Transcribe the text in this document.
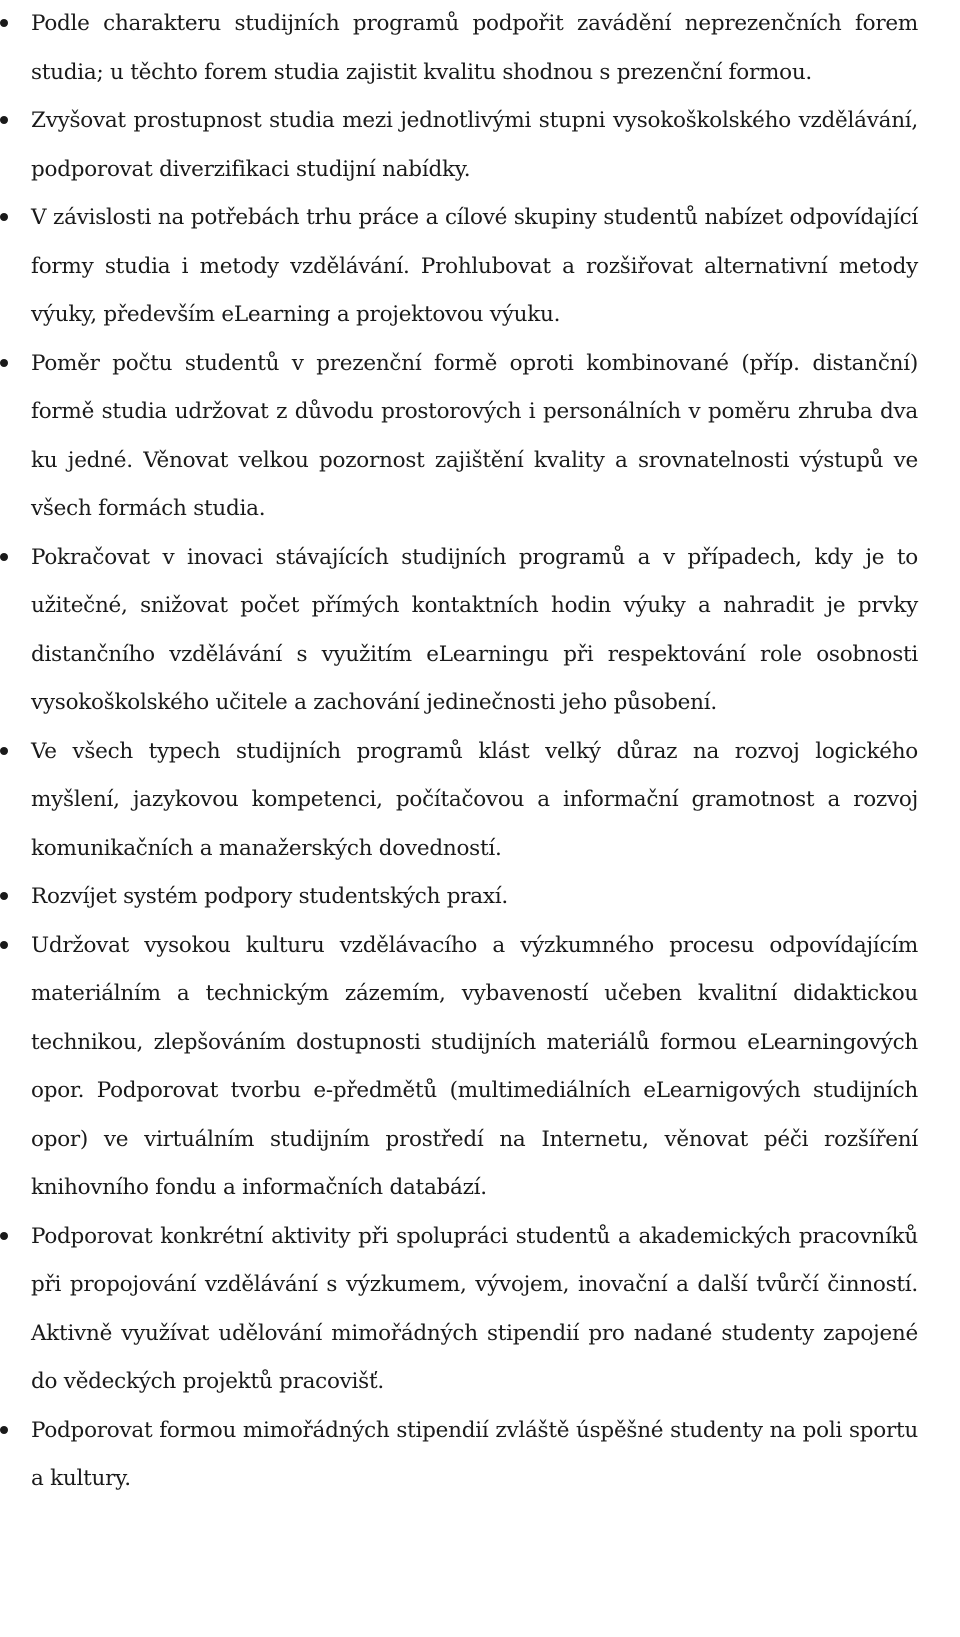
Podle charakteru studijních programů podpořit zavádění neprezenčních forem studia; u těchto forem studia zajistit kvalitu shodnou s prezenční formou.
Zvyšovat prostupnost studia mezi jednotlivými stupni vysokoškolského vzdělávání, podporovat diverzifikaci studijní nabídky.
V závislosti na potřebách trhu práce a cílové skupiny studentů nabízet odpovídající formy studia i metody vzdělávání. Prohlubovat a rozšiřovat alternativní metody výuky, především eLearning a projektovou výuku.
Poměr počtu studentů v prezenční formě oproti kombinované (příp. distanční) formě studia udržovat z důvodu prostorových i personálních v poměru zhruba dva ku jedné. Věnovat velkou pozornost zajištění kvality a srovnatelnosti výstupů ve všech formách studia.
Pokračovat v inovaci stávajících studijních programů a v případech, kdy je to užitečné, snižovat počet přímých kontaktních hodin výuky a nahradit je prvky distančního vzdělávání s využitím eLearningu při respektování role osobnosti vysokoškolského učitele a zachování jedinečnosti jeho působení.
Ve všech typech studijních programů klást velký důraz na rozvoj logického myšlení, jazykovou kompetenci, počítačovou a informační gramotnost a rozvoj komunikačních a manažerských dovedností.
Rozvíjet systém podpory studentských praxí.
Udržovat vysokou kulturu vzdělávacího a výzkumného procesu odpovídajícím materiálním a technickým zázemím, vybaveností učeben kvalitní didaktickou technikou, zlepšováním dostupnosti studijních materiálů formou eLearningových opor. Podporovat tvorbu e-předmětů (multimediálních eLearnigových studijních opor) ve virtuálním studijním prostředí na Internetu, věnovat péči rozšíření knihovního fondu a informačních databází.
Podporovat konkrétní aktivity při spolupráci studentů a akademických pracovníků při propojování vzdělávání s výzkumem, vývojem, inovační a další tvůrčí činností. Aktivně využívat udělování mimořádných stipendií pro nadané studenty zapojené do vědeckých projektů pracovišť.
Podporovat formou mimořádných stipendií zvláště úspěšné studenty na poli sportu a kultury.
